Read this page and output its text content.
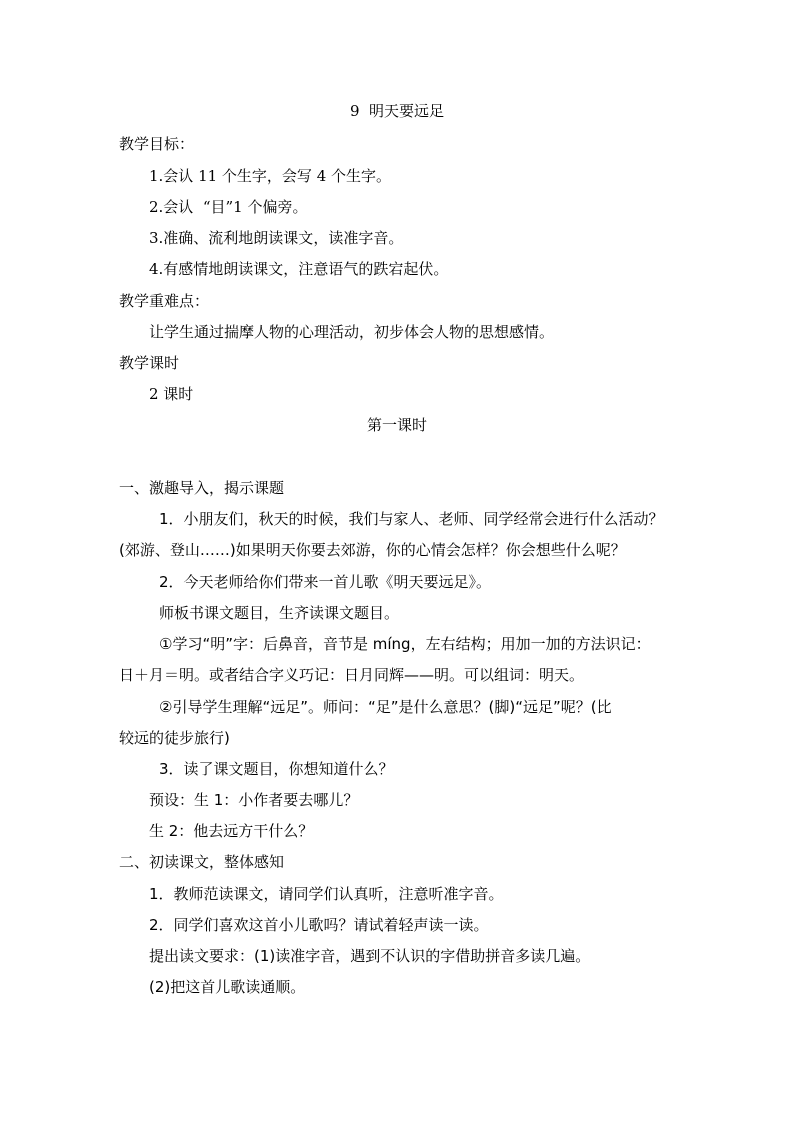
9  明天要远足
教学目标：
1.会认 11 个生字，会写 4 个生字。
2.会认  “目”1 个偏旁。
3.准确、流利地朗读课文，读准字音。
4.有感情地朗读课文，注意语气的跌宕起伏。
教学重难点：
让学生通过揣摩人物的心理活动，初步体会人物的思想感情。
教学课时
2 课时
第一课时
一、激趣导入，揭示课题
1．小朋友们，秋天的时候，我们与家人、老师、同学经常会进行什么活动？
(郊游、登山……)如果明天你要去郊游，你的心情会怎样？你会想些什么呢？
2．今天老师给你们带来一首儿歌《明天要远足》。
师板书课文题目，生齐读课文题目。
①学习“明”字：后鼻音，音节是 míng，左右结构；用加一加的方法识记：
日＋月＝明。或者结合字义巧记：日月同辉——明。可以组词：明天。
②引导学生理解“远足”。师问：“足”是什么意思？(脚)“远足”呢？(比
较远的徒步旅行)
3．读了课文题目，你想知道什么？
预设：生 1：小作者要去哪儿？
生 2：他去远方干什么？
二、初读课文，整体感知
1．教师范读课文，请同学们认真听，注意听准字音。
2．同学们喜欢这首小儿歌吗？请试着轻声读一读。
提出读文要求：(1)读准字音，遇到不认识的字借助拼音多读几遍。
(2)把这首儿歌读通顺。
